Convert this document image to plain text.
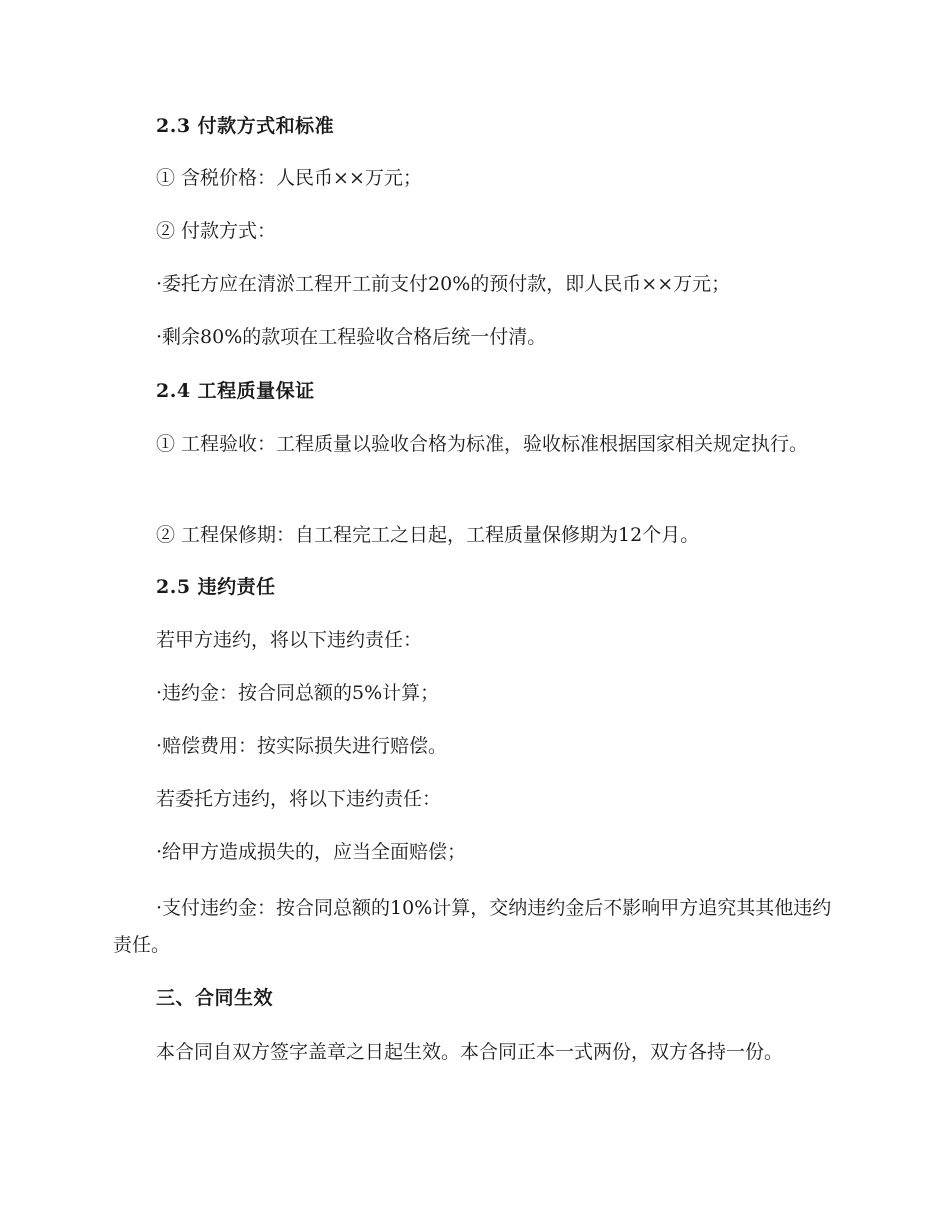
2.3 付款方式和标准
① 含税价格：人民币××万元；
② 付款方式：
·委托方应在清淤工程开工前支付20%的预付款，即人民币××万元；
·剩余80%的款项在工程验收合格后统一付清。
2.4 工程质量保证
① 工程验收：工程质量以验收合格为标准，验收标准根据国家相关规定执行。
② 工程保修期：自工程完工之日起，工程质量保修期为12个月。
2.5 违约责任
若甲方违约，将以下违约责任：
·违约金：按合同总额的5%计算；
·赔偿费用：按实际损失进行赔偿。
若委托方违约，将以下违约责任：
·给甲方造成损失的，应当全面赔偿；
·支付违约金：按合同总额的10%计算，交纳违约金后不影响甲方追究其其他违约责任。
三、合同生效
本合同自双方签字盖章之日起生效。本合同正本一式两份，双方各持一份。
